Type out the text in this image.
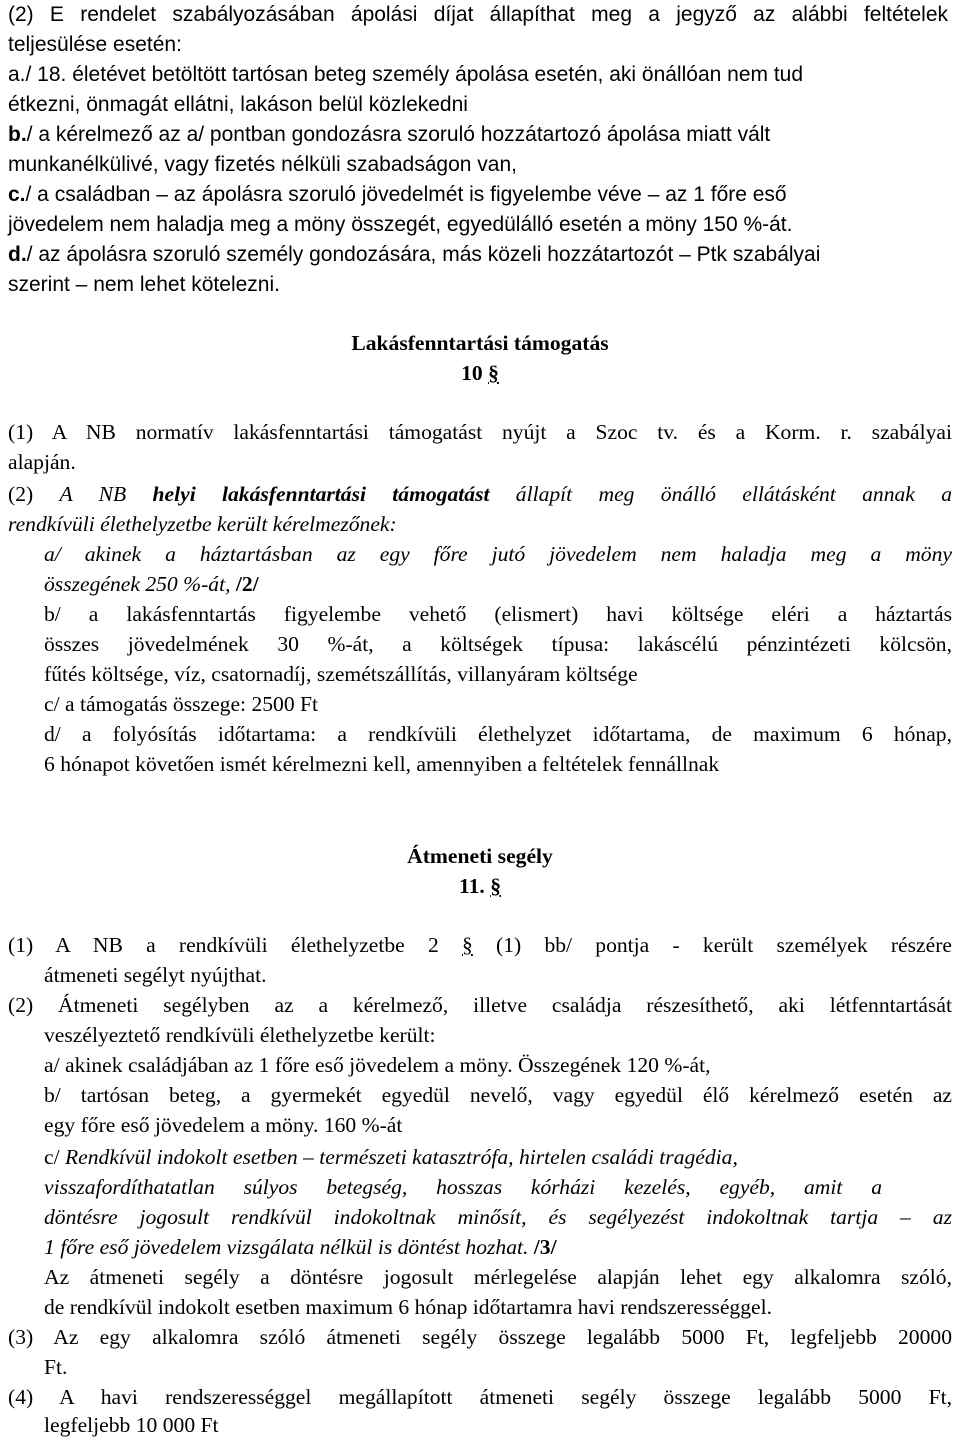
(2) E rendelet szabályozásában ápolási díjat állapíthat meg a jegyző az alábbi feltételek
teljesülése esetén:
a./ 18. életévet betöltött tartósan beteg személy ápolása esetén, aki önállóan nem tud
étkezni, önmagát ellátni, lakáson belül közlekedni
b./ a kérelmező az a/ pontban gondozásra szoruló hozzátartozó ápolása miatt vált
munkanélkülivé, vagy fizetés nélküli szabadságon van,
c./ a családban – az ápolásra szoruló jövedelmét is figyelembe véve – az 1 főre eső
jövedelem nem haladja meg a möny összegét, egyedülálló esetén a möny 150 %-át.
d./ az ápolásra szoruló személy gondozására, más közeli hozzátartozót – Ptk szabályai
szerint – nem lehet kötelezni.
Lakásfenntartási támogatás
10 §
(1) A NB normatív lakásfenntartási támogatást nyújt a Szoc tv. és a Korm. r. szabályai
alapján.
(2) A NB helyi lakásfenntartási támogatást állapít meg önálló ellátásként annak a
rendkívüli élethelyzetbe került kérelmezőnek:
a/ akinek a háztartásban az egy főre jutó jövedelem nem haladja meg a möny
összegének 250 %-át, /2/
b/ a lakásfenntartás figyelembe vehető (elismert) havi költsége eléri a háztartás
összes jövedelmének 30 %-át, a költségek típusa: lakáscélú pénzintézeti kölcsön,
fűtés költsége, víz, csatornadíj, szemétszállítás, villanyáram költsége
c/ a támogatás összege: 2500 Ft
d/ a folyósítás időtartama: a rendkívüli élethelyzet időtartama, de maximum 6 hónap,
6 hónapot követően ismét kérelmezni kell, amennyiben a feltételek fennállnak
Átmeneti segély
11. §
(1) A NB a rendkívüli élethelyzetbe 2 § (1) bb/ pontja - került személyek részére
átmeneti segélyt nyújthat.
(2) Átmeneti segélyben az a kérelmező, illetve családja részesíthető, aki létfenntartását
veszélyeztető rendkívüli élethelyzetbe került:
a/ akinek családjában az 1 főre eső jövedelem a möny. Összegének 120 %-át,
b/ tartósan beteg, a gyermekét egyedül nevelő, vagy egyedül élő kérelmező esetén az
egy főre eső jövedelem a möny. 160 %-át
c/ Rendkívül indokolt esetben – természeti katasztrófa, hirtelen családi tragédia,
visszafordíthatatlan súlyos betegség, hosszas kórházi kezelés, egyéb, amit a
döntésre jogosult rendkívül indokoltnak minősít, és segélyezést indokoltnak tartja – az
1 főre eső jövedelem vizsgálata nélkül is döntést hozhat. /3/
Az átmeneti segély a döntésre jogosult mérlegelése alapján lehet egy alkalomra szóló,
de rendkívül indokolt esetben maximum 6 hónap időtartamra havi rendszerességgel.
(3) Az egy alkalomra szóló átmeneti segély összege legalább 5000 Ft, legfeljebb 20000
Ft.
(4) A havi rendszerességgel megállapított átmeneti segély összege legalább 5000 Ft,
legfeljebb 10 000 Ft
